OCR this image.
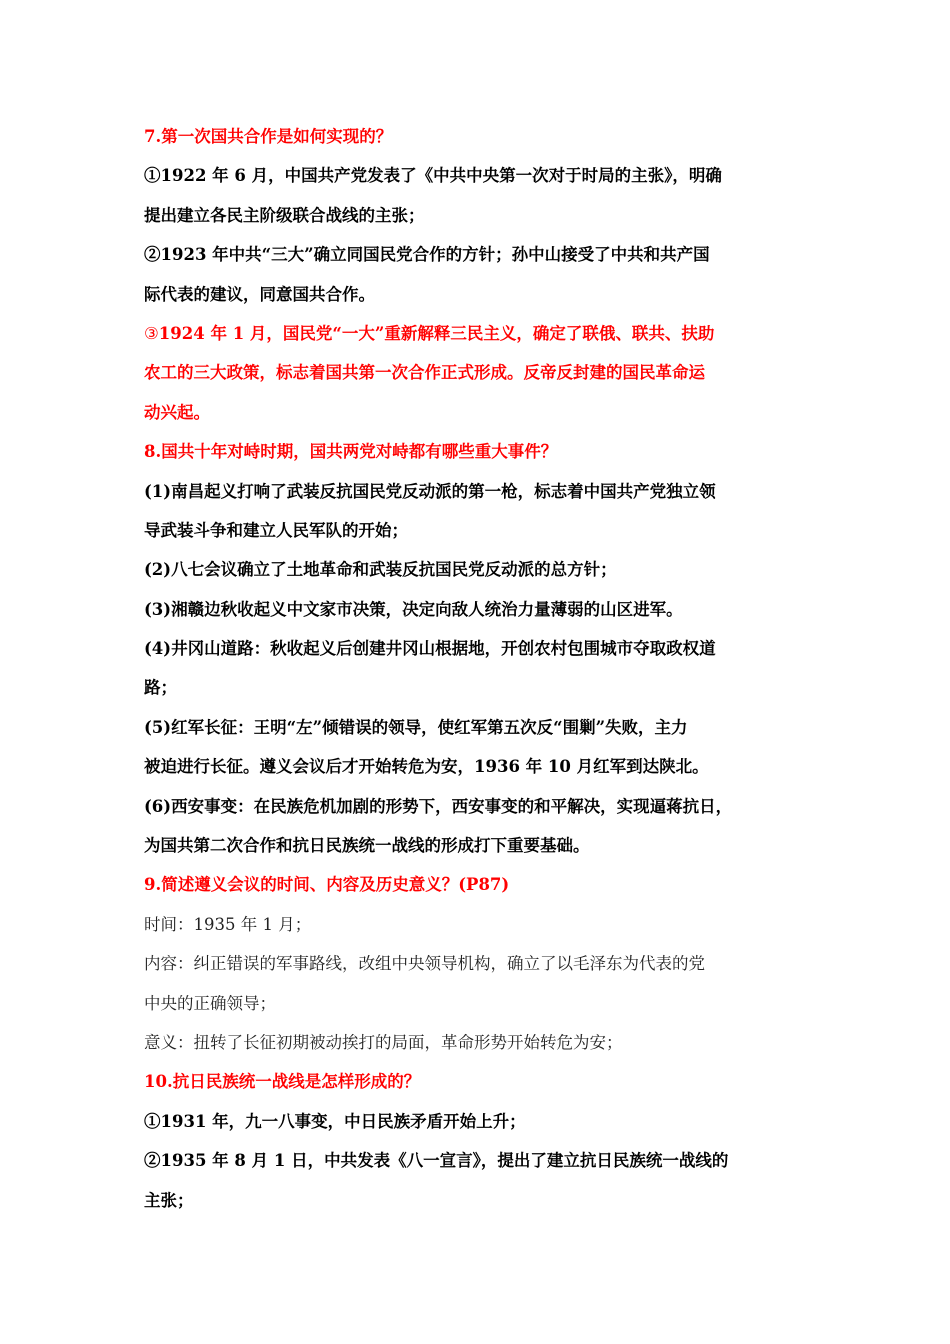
7.第一次国共合作是如何实现的？
①1922 年 6 月，中国共产党发表了《中共中央第一次对于时局的主张》，明确
提出建立各民主阶级联合战线的主张；
②1923 年中共“三大”确立同国民党合作的方针；孙中山接受了中共和共产国
际代表的建议，同意国共合作。
③1924 年 1 月，国民党“一大”重新解释三民主义，确定了联俄、联共、扶助
农工的三大政策，标志着国共第一次合作正式形成。反帝反封建的国民革命运
动兴起。
8.国共十年对峙时期，国共两党对峙都有哪些重大事件？
(1)南昌起义打响了武装反抗国民党反动派的第一枪，标志着中国共产党独立领
导武装斗争和建立人民军队的开始；
(2)八七会议确立了土地革命和武装反抗国民党反动派的总方针；
(3)湘赣边秋收起义中文家市决策，决定向敌人统治力量薄弱的山区进军。
(4)井冈山道路：秋收起义后创建井冈山根据地，开创农村包围城市夺取政权道
路；
(5)红军长征：王明“左”倾错误的领导，使红军第五次反“围剿”失败，主力
被迫进行长征。遵义会议后才开始转危为安，1936 年 10 月红军到达陕北。
(6)西安事变：在民族危机加剧的形势下，西安事变的和平解决，实现逼蒋抗日，
为国共第二次合作和抗日民族统一战线的形成打下重要基础。
9.简述遵义会议的时间、内容及历史意义？(P87)
时间：1935 年 1 月；
内容：纠正错误的军事路线，改组中央领导机构，确立了以毛泽东为代表的党
中央的正确领导；
意义：扭转了长征初期被动挨打的局面，革命形势开始转危为安；
10.抗日民族统一战线是怎样形成的？
①1931 年，九一八事变，中日民族矛盾开始上升；
②1935 年 8 月 1 日，中共发表《八一宣言》，提出了建立抗日民族统一战线的
主张；
